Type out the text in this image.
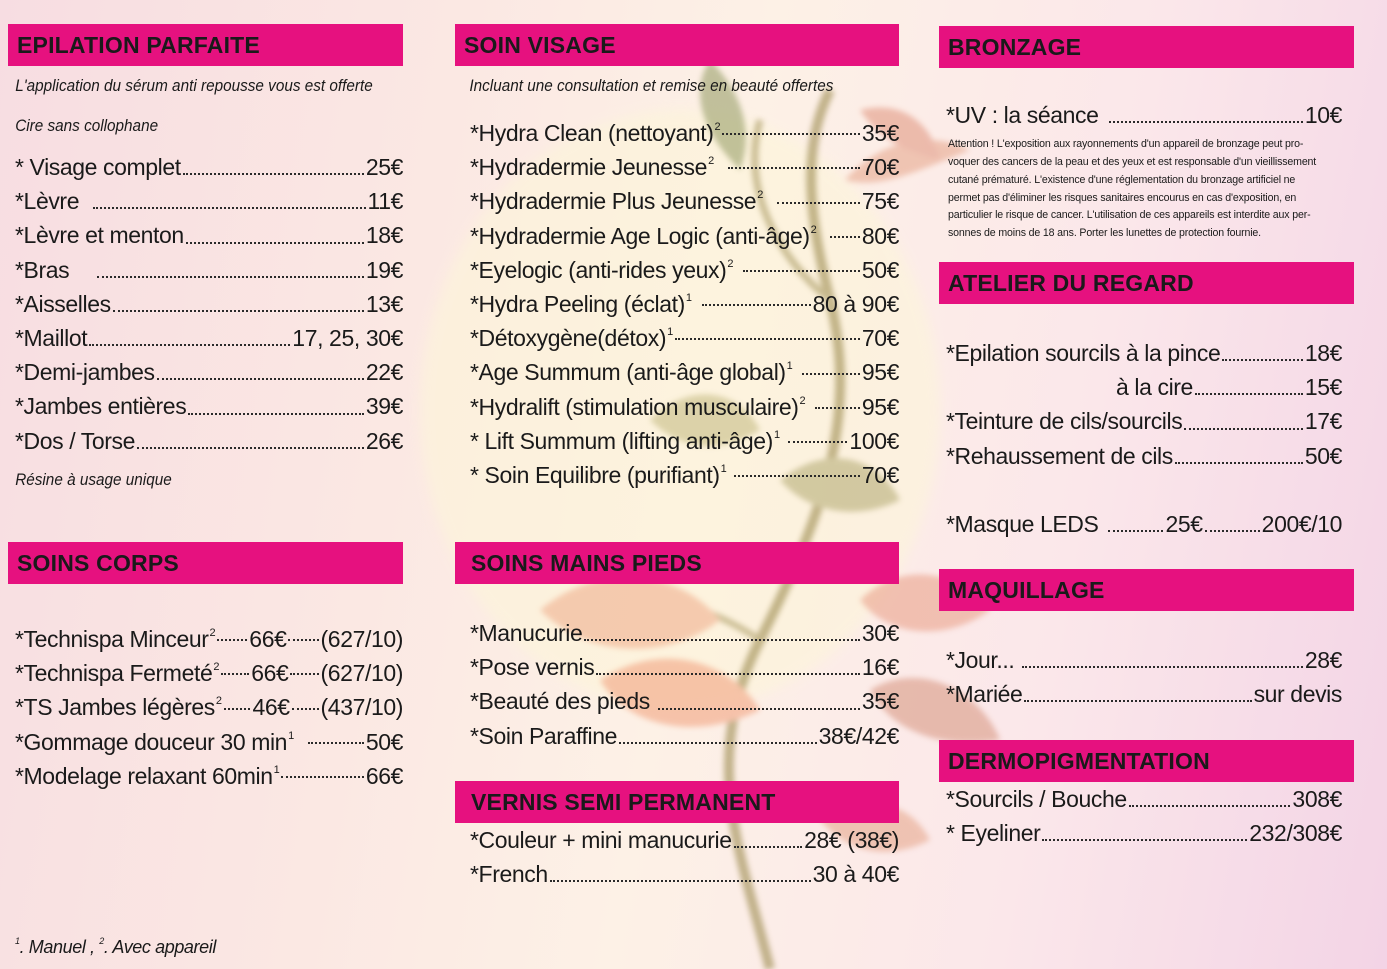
EPILATION PARFAITE
L'application du sérum anti repousse vous est offerte
Cire sans collophane
* Visage complet	25€
*Lèvre	11€
*Lèvre et menton	18€
*Bras	19€
*Aisselles	13€
*Maillot	17, 25, 30€
*Demi-jambes	22€
*Jambes entières	39€
*Dos / Torse	26€
Résine à usage unique
SOINS CORPS
*Technispa Minceur$^2$ 66€ (627/10)
*Technispa Fermeté$^2$ 66€ (627/10)
*TS Jambes légères$^2$ 46€ (437/10)
*Gommage douceur 30 $\min^1$	50€
*Modelage relaxant $60\min^1$	66€
$^1$. Manuel , $^2$. Avec appareil
SOIN VISAGE
Incluant une consultation et remise en beauté offertes
*Hydra Clean (nettoyant)$^2$	35€
*Hydradermie Jeunesse$^2$	70€
*Hydradermie Plus Jeunesse$^2$	75€
*Hydradermie Age Logic (anti-âge)$^2$ 80€
*Eyelogic (anti-rides yeux)$^2$	50€
*Hydra Peeling (éclat)$^1$	80 à 90€
*Détoxygène(détox)$^1$	70€
*Age Summum (anti-âge global)$^1$	95€
*Hydralift (stimulation musculaire)$^2$ 95€
* Lift Summum (lifting anti-âge)$^1$	100€
* Soin Equilibre (purifiant)$^1$	70€
SOINS MAINS PIEDS
*Manucurie	30€
*Pose vernis	16€
*Beauté des pieds	35€
*Soin Paraffine	38€/42€
VERNIS SEMI PERMANENT
*Couleur + mini manucurie	28€ (38€)
*French	30 à 40€
BRONZAGE
*UV : la séance	10€
Attention ! L'exposition aux rayonnements d'un appareil de bronzage peut pro-
voquer des cancers de la peau et des yeux et est responsable d'un vieillissement
cutané prématuré. L'existence d'une réglementation du bronzage artificiel ne
permet pas d'éliminer les risques sanitaires encourus en cas d'exposition, en
particulier le risque de cancer. L'utilisation de ces appareils est interdite aux per-
sonnes de moins de 18 ans. Porter les lunettes de protection fournie.
ATELIER DU REGARD
*Epilation sourcils à la pince	18€
à la cire	15€
*Teinture de cils/sourcils	17€
*Rehaussement de cils	50€
*Masque LEDS	25€	200€/10
MAQUILLAGE
*Jour...	28€
*Mariée	sur devis
DERMOPIGMENTATION
*Sourcils / Bouche	308€
* Eyeliner	232/308€
